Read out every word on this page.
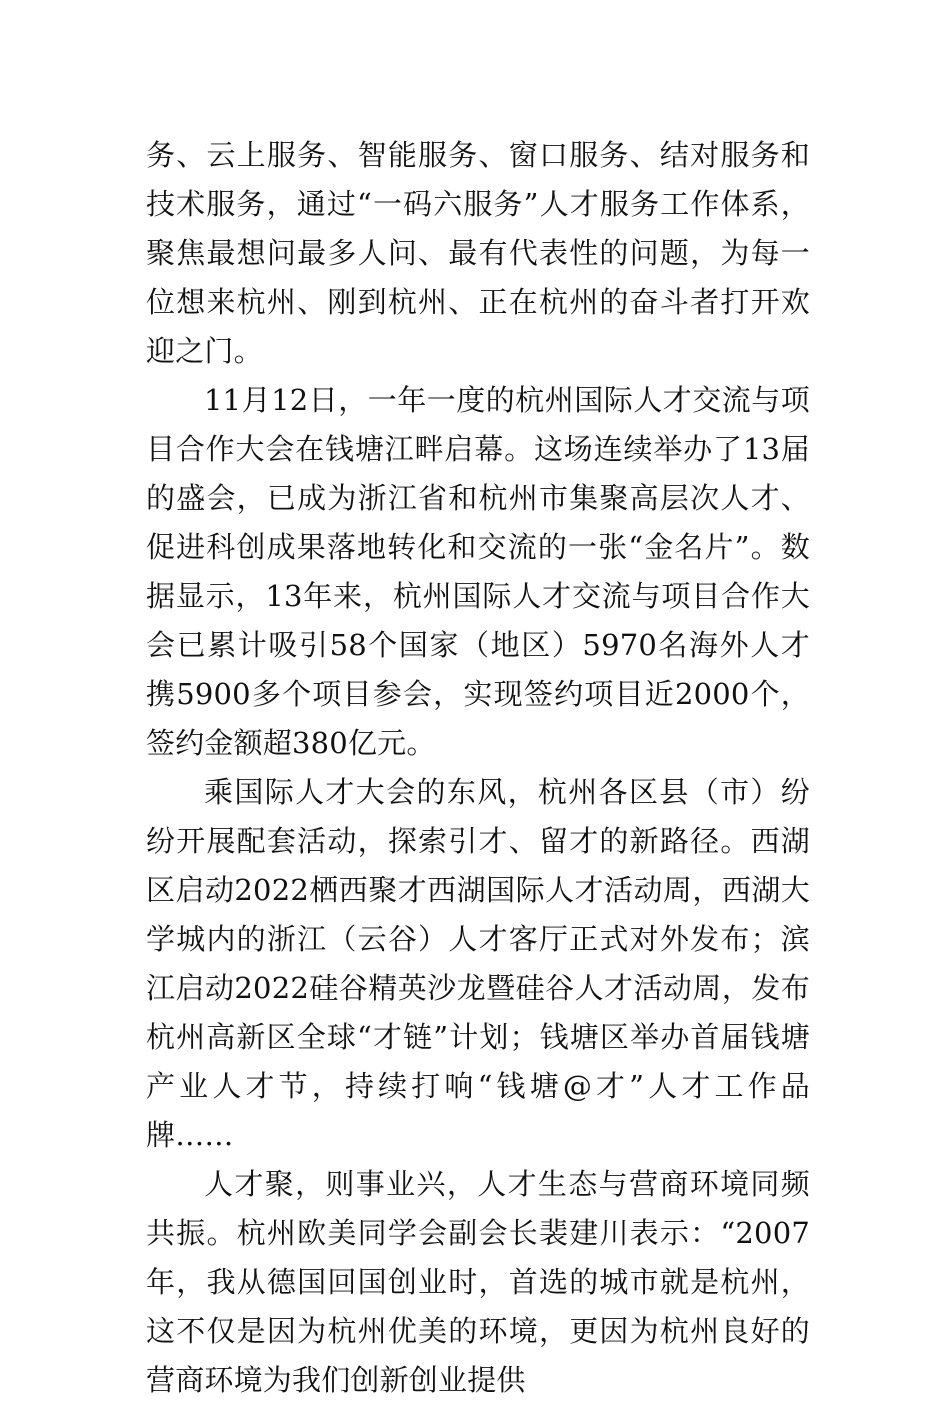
务、云上服务、智能服务、窗口服务、结对服务和技术服务，通过“一码六服务”人才服务工作体系，聚焦最想问最多人问、最有代表性的问题，为每一位想来杭州、刚到杭州、正在杭州的奋斗者打开欢迎之门。

11月12日，一年一度的杭州国际人才交流与项目合作大会在钱塘江畔启幕。这场连续举办了13届的盛会，已成为浙江省和杭州市集聚高层次人才、促进科创成果落地转化和交流的一张“金名片”。数据显示，13年来，杭州国际人才交流与项目合作大会已累计吸引58个国家（地区）5970名海外人才携5900多个项目参会，实现签约项目近2000个，签约金额超380亿元。

乘国际人才大会的东风，杭州各区县（市）纷纷开展配套活动，探索引才、留才的新路径。西湖区启动2022栖西聚才西湖国际人才活动周，西湖大学城内的浙江（云谷）人才客厅正式对外发布；滨江启动2022硅谷精英沙龙暨硅谷人才活动周，发布杭州高新区全球“才链”计划；钱塘区举办首届钱塘产业人才节，持续打响“钱塘@才”人才工作品牌……

人才聚，则事业兴，人才生态与营商环境同频共振。杭州欧美同学会副会长裴建川表示：“2007年，我从德国回国创业时，首选的城市就是杭州，这不仅是因为杭州优美的环境，更因为杭州良好的营商环境为我们创新创业提供
